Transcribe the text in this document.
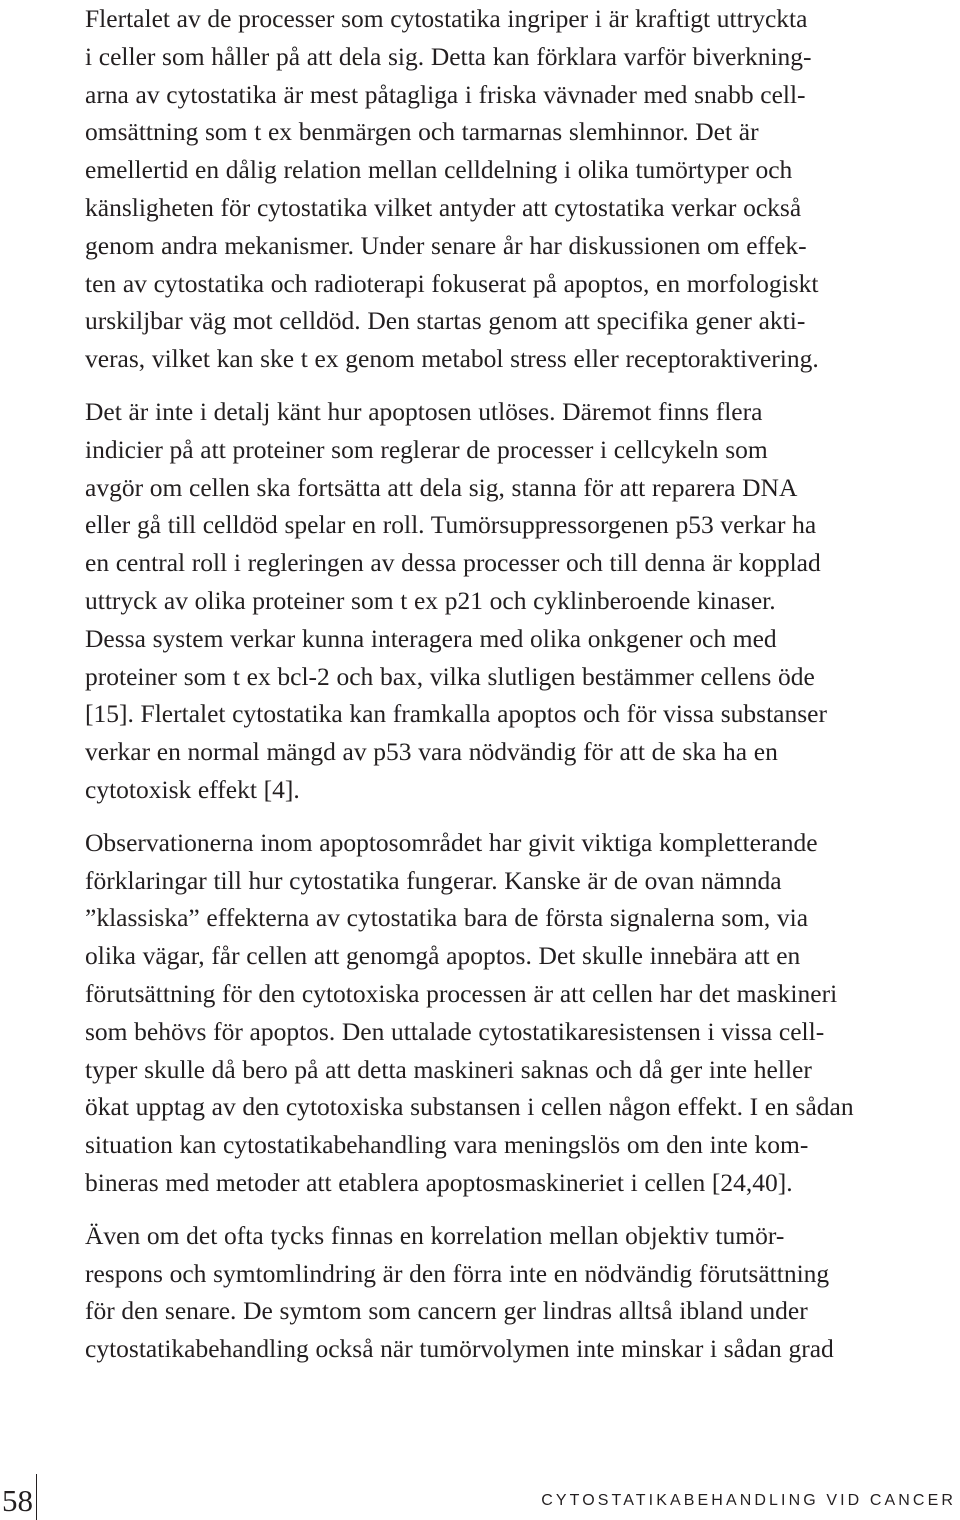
Flertalet av de processer som cytostatika ingriper i är kraftigt uttryckta
i celler som håller på att dela sig. Detta kan förklara varför biverkning-
arna av cytostatika är mest påtagliga i friska vävnader med snabb cell-
omsättning som t ex benmärgen och tarmarnas slemhinnor. Det är
emellertid en dålig relation mellan celldelning i olika tumörtyper och
känsligheten för cytostatika vilket antyder att cytostatika verkar också
genom andra mekanismer. Under senare år har diskussionen om effek-
ten av cytostatika och radioterapi fokuserat på apoptos, en morfologiskt
urskiljbar väg mot celldöd. Den startas genom att specifika gener akti-
veras, vilket kan ske t ex genom metabol stress eller receptoraktivering.

Det är inte i detalj känt hur apoptosen utlöses. Däremot finns flera
indicier på att proteiner som reglerar de processer i cellcykeln som
avgör om cellen ska fortsätta att dela sig, stanna för att reparera DNA
eller gå till celldöd spelar en roll. Tumörsuppressorgenen p53 verkar ha
en central roll i regleringen av dessa processer och till denna är kopplad
uttryck av olika proteiner som t ex p21 och cyklinberoende kinaser.
Dessa system verkar kunna interagera med olika onkgener och med
proteiner som t ex bcl-2 och bax, vilka slutligen bestämmer cellens öde
[15]. Flertalet cytostatika kan framkalla apoptos och för vissa substanser
verkar en normal mängd av p53 vara nödvändig för att de ska ha en
cytotoxisk effekt [4].

Observationerna inom apoptosområdet har givit viktiga kompletterande
förklaringar till hur cytostatika fungerar. Kanske är de ovan nämnda
”klassiska” effekterna av cytostatika bara de första signalerna som, via
olika vägar, får cellen att genomgå apoptos. Det skulle innebära att en
förutsättning för den cytotoxiska processen är att cellen har det maskineri
som behövs för apoptos. Den uttalade cytostatikaresistensen i vissa cell-
typer skulle då bero på att detta maskineri saknas och då ger inte heller
ökat upptag av den cytotoxiska substansen i cellen någon effekt. I en sådan
situation kan cytostatikabehandling vara meningslös om den inte kom-
bineras med metoder att etablera apoptosmaskineriet i cellen [24,40].

Även om det ofta tycks finnas en korrelation mellan objektiv tumör-
respons och symtomlindring är den förra inte en nödvändig förutsättning
för den senare. De symtom som cancern ger lindras alltså ibland under
cytostatikabehandling också när tumörvolymen inte minskar i sådan grad

58	CYTOSTATIKABEHANDLING VID CANCER
